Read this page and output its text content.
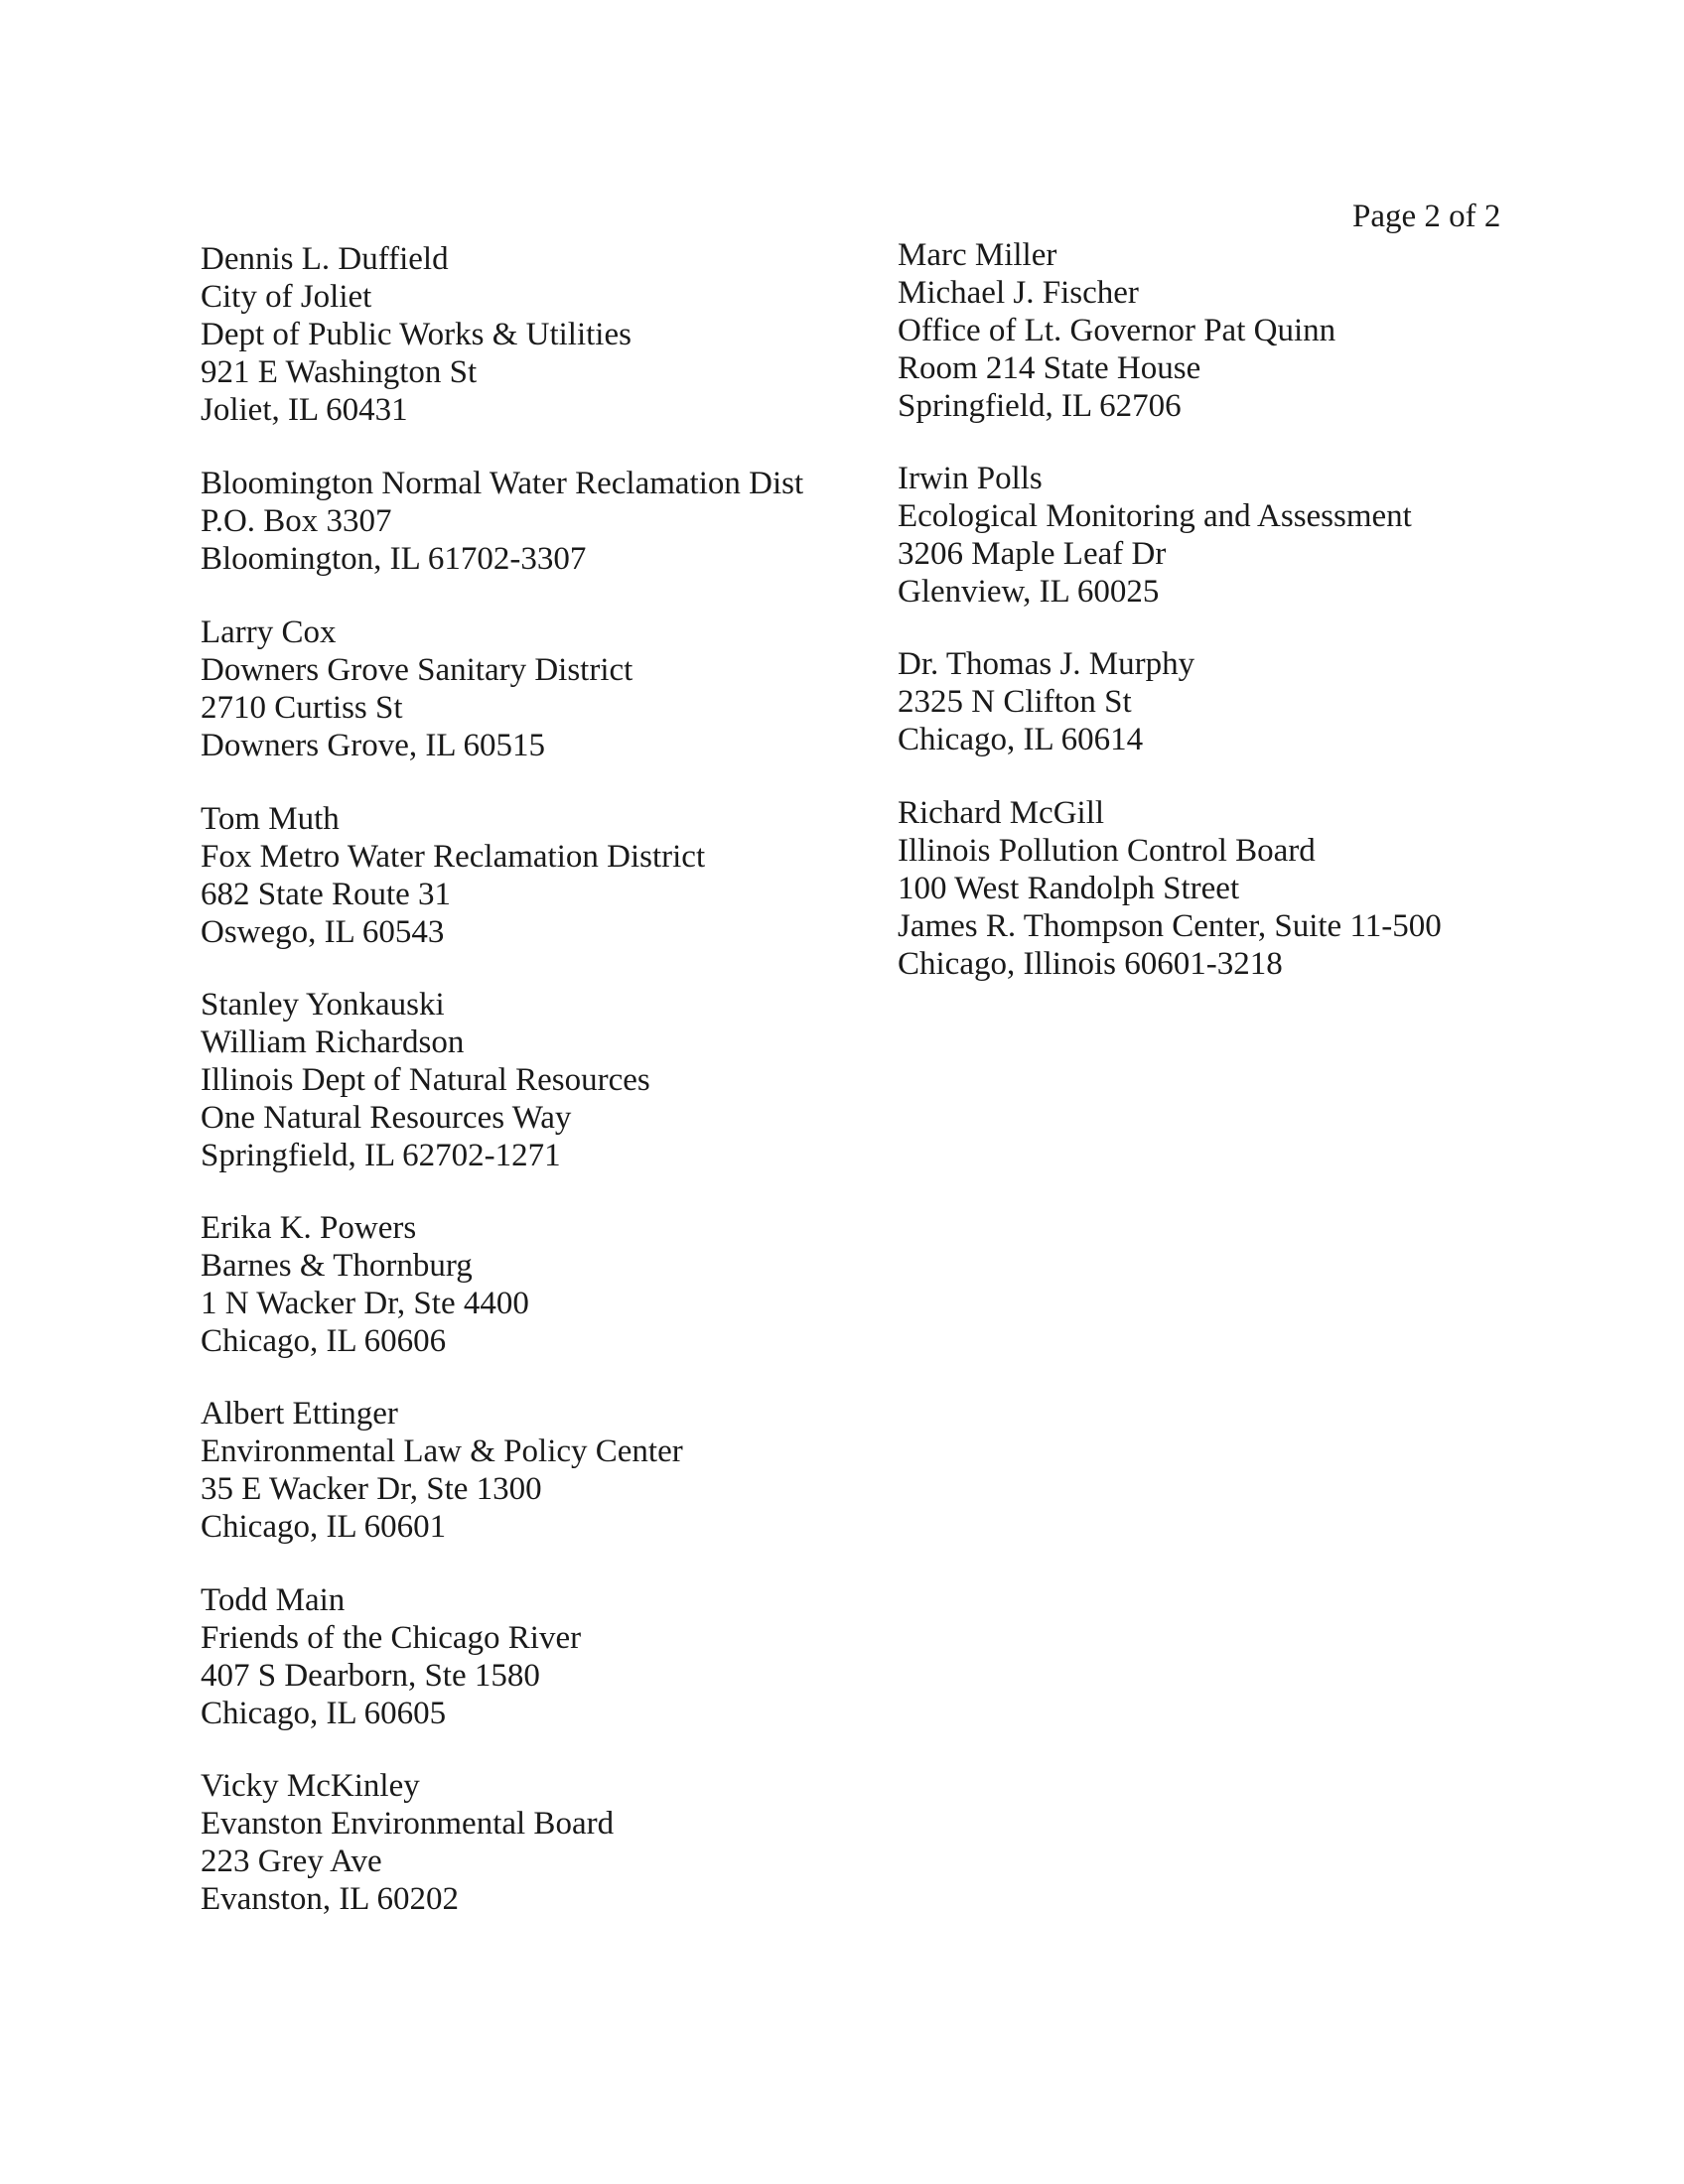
Page 2 of 2
Dennis L. Duffield
City of Joliet
Dept of Public Works & Utilities
921 E Washington St
Joliet, IL 60431
Bloomington Normal Water Reclamation Dist
P.O. Box 3307
Bloomington, IL 61702-3307
Larry Cox
Downers Grove Sanitary District
2710 Curtiss St
Downers Grove, IL 60515
Tom Muth
Fox Metro Water Reclamation District
682 State Route 31
Oswego, IL 60543
Stanley Yonkauski
William Richardson
Illinois Dept of Natural Resources
One Natural Resources Way
Springfield, IL 62702-1271
Erika K. Powers
Barnes & Thornburg
1 N Wacker Dr, Ste 4400
Chicago, IL 60606
Albert Ettinger
Environmental Law & Policy Center
35 E Wacker Dr, Ste 1300
Chicago, IL 60601
Todd Main
Friends of the Chicago River
407 S Dearborn, Ste 1580
Chicago, IL 60605
Vicky McKinley
Evanston Environmental Board
223 Grey Ave
Evanston, IL 60202
Marc Miller
Michael J. Fischer
Office of Lt. Governor Pat Quinn
Room 214 State House
Springfield, IL 62706
Irwin Polls
Ecological Monitoring and Assessment
3206 Maple Leaf Dr
Glenview, IL 60025
Dr. Thomas J. Murphy
2325 N Clifton St
Chicago, IL 60614
Richard McGill
Illinois Pollution Control Board
100 West Randolph Street
James R. Thompson Center, Suite 11-500
Chicago, Illinois 60601-3218
